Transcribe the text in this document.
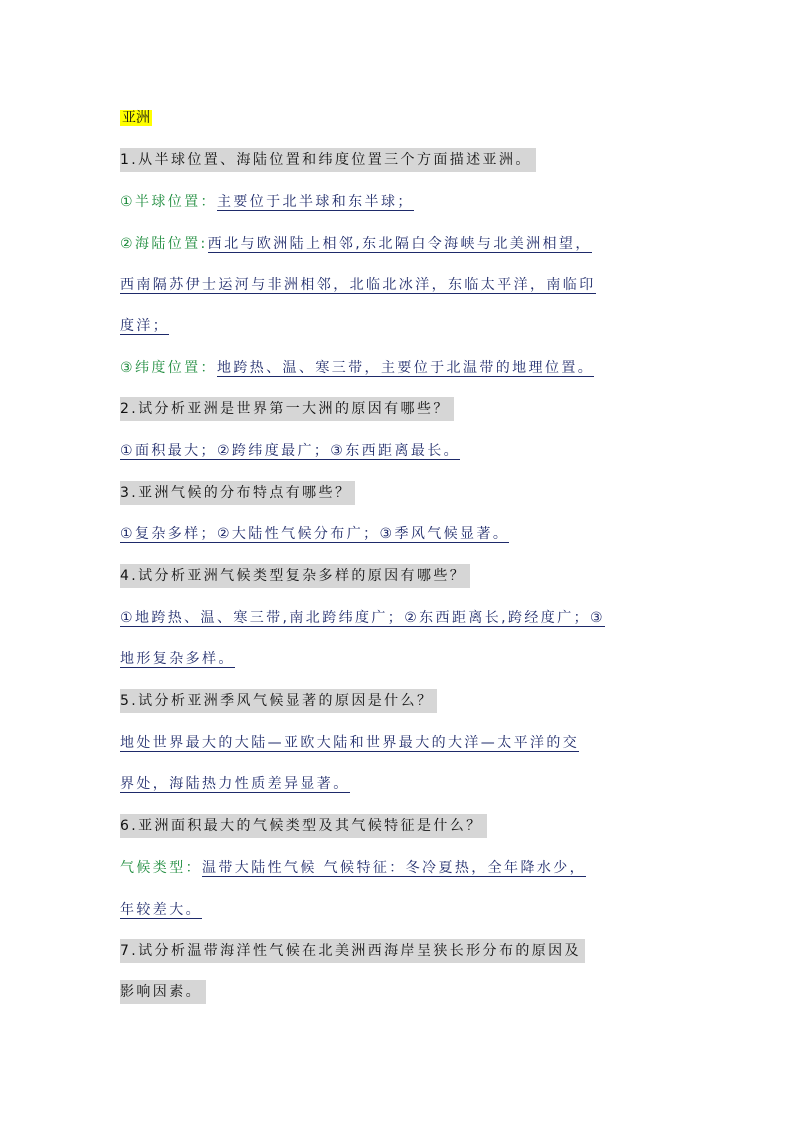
亚洲
1.从半球位置、海陆位置和纬度位置三个方面描述亚洲。
①半球位置：主要位于北半球和东半球；
②海陆位置:西北与欧洲陆上相邻,东北隔白令海峡与北美洲相望，
西南隔苏伊士运河与非洲相邻，北临北冰洋，东临太平洋，南临印
度洋；
③纬度位置：地跨热、温、寒三带，主要位于北温带的地理位置。
2.试分析亚洲是世界第一大洲的原因有哪些？
①面积最大；②跨纬度最广；③东西距离最长。
3.亚洲气候的分布特点有哪些？
①复杂多样；②大陆性气候分布广；③季风气候显著。
4.试分析亚洲气候类型复杂多样的原因有哪些？
①地跨热、温、寒三带,南北跨纬度广；②东西距离长,跨经度广；③
地形复杂多样。
5.试分析亚洲季风气候显著的原因是什么？
地处世界最大的大陆—亚欧大陆和世界最大的大洋—太平洋的交
界处，海陆热力性质差异显著。
6.亚洲面积最大的气候类型及其气候特征是什么？
气候类型：温带大陆性气候 气候特征：冬冷夏热，全年降水少，
年较差大。
7.试分析温带海洋性气候在北美洲西海岸呈狭长形分布的原因及
影响因素。
